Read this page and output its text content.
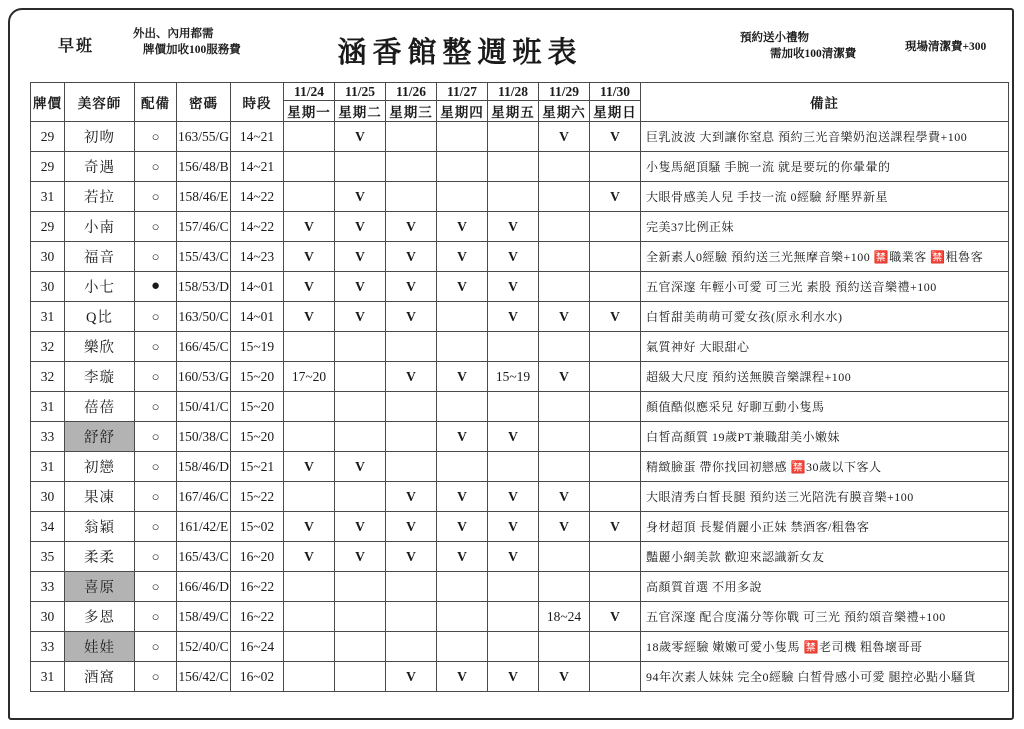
早班
外出、內用都需
牌價加收100服務費	涵香館整週班表	預約送小禮物
需加收100清潔費
現場清潔費+300
牌價	美容師	配備	密碼	時段	11/24	11/25	11/26	11/27	11/28	11/29	11/30	備註
					星期一	星期二	星期三	星期四	星期五	星期六	星期日	
29	初吻	○	163/55/G	14~21		V				V	V	巨乳波波 大到讓你窒息 預約三光音樂奶泡送課程學費+100
29	奇遇	○	156/48/B	14~21								小隻馬絕頂騷 手腕一流 就是要玩的你暈暈的
31	若拉	○	158/46/E	14~22		V					V	大眼骨感美人兒 手技一流 0經驗 紓壓界新星
29	小南	○	157/46/C	14~22	V	V	V	V	V			完美37比例正妹
30	福音	○	155/43/C	14~23	V	V	V	V	V			全新素人0經驗 預約送三光無摩音樂+100 🈲職業客 🈲粗魯客
30	小七	●	158/53/D	14~01	V	V	V	V	V			五官深邃 年輕小可愛 可三光 素股 預約送音樂禮+100
31	Q比	○	163/50/C	14~01	V	V	V		V	V	V	白皙甜美萌萌可愛女孩(原永利水水)
32	樂欣	○	166/45/C	15~19								氣質神好 大眼甜心
32	李璇	○	160/53/G	15~20	17~20		V	V	15~19	V		超級大尺度 預約送無膜音樂課程+100
31	蓓蓓	○	150/41/C	15~20								顏值酷似應采兒 好聊互動小隻馬
33	舒舒	○	150/38/C	15~20				V	V			白皙高顏質 19歲PT兼職甜美小嫩妹
31	初戀	○	158/46/D	15~21	V	V						精緻臉蛋 帶你找回初戀感 🈲30歲以下客人
30	果凍	○	167/46/C	15~22			V	V	V	V		大眼清秀白皙長腿 預約送三光陪洗有膜音樂+100
34	翁穎	○	161/42/E	15~02	V	V	V	V	V	V	V	身材超頂 長髮俏麗小正妹 禁酒客/粗魯客
35	柔柔	○	165/43/C	16~20	V	V	V	V	V			豔麗小網美款 歡迎來認識新女友
33	喜原	○	166/46/D	16~22								高顏質首選 不用多說
30	多恩	○	158/49/C	16~22						18~24	V	五官深邃 配合度滿分等你戰 可三光 預約頌音樂禮+100
33	娃娃	○	152/40/C	16~24								18歲零經驗 嫩嫩可愛小隻馬 🈲老司機 粗魯壞哥哥
31	酒窩	○	156/42/C	16~02			V	V	V	V		94年次素人妹妹 完全0經驗 白皙骨感小可愛 腿控必點小騷貨
